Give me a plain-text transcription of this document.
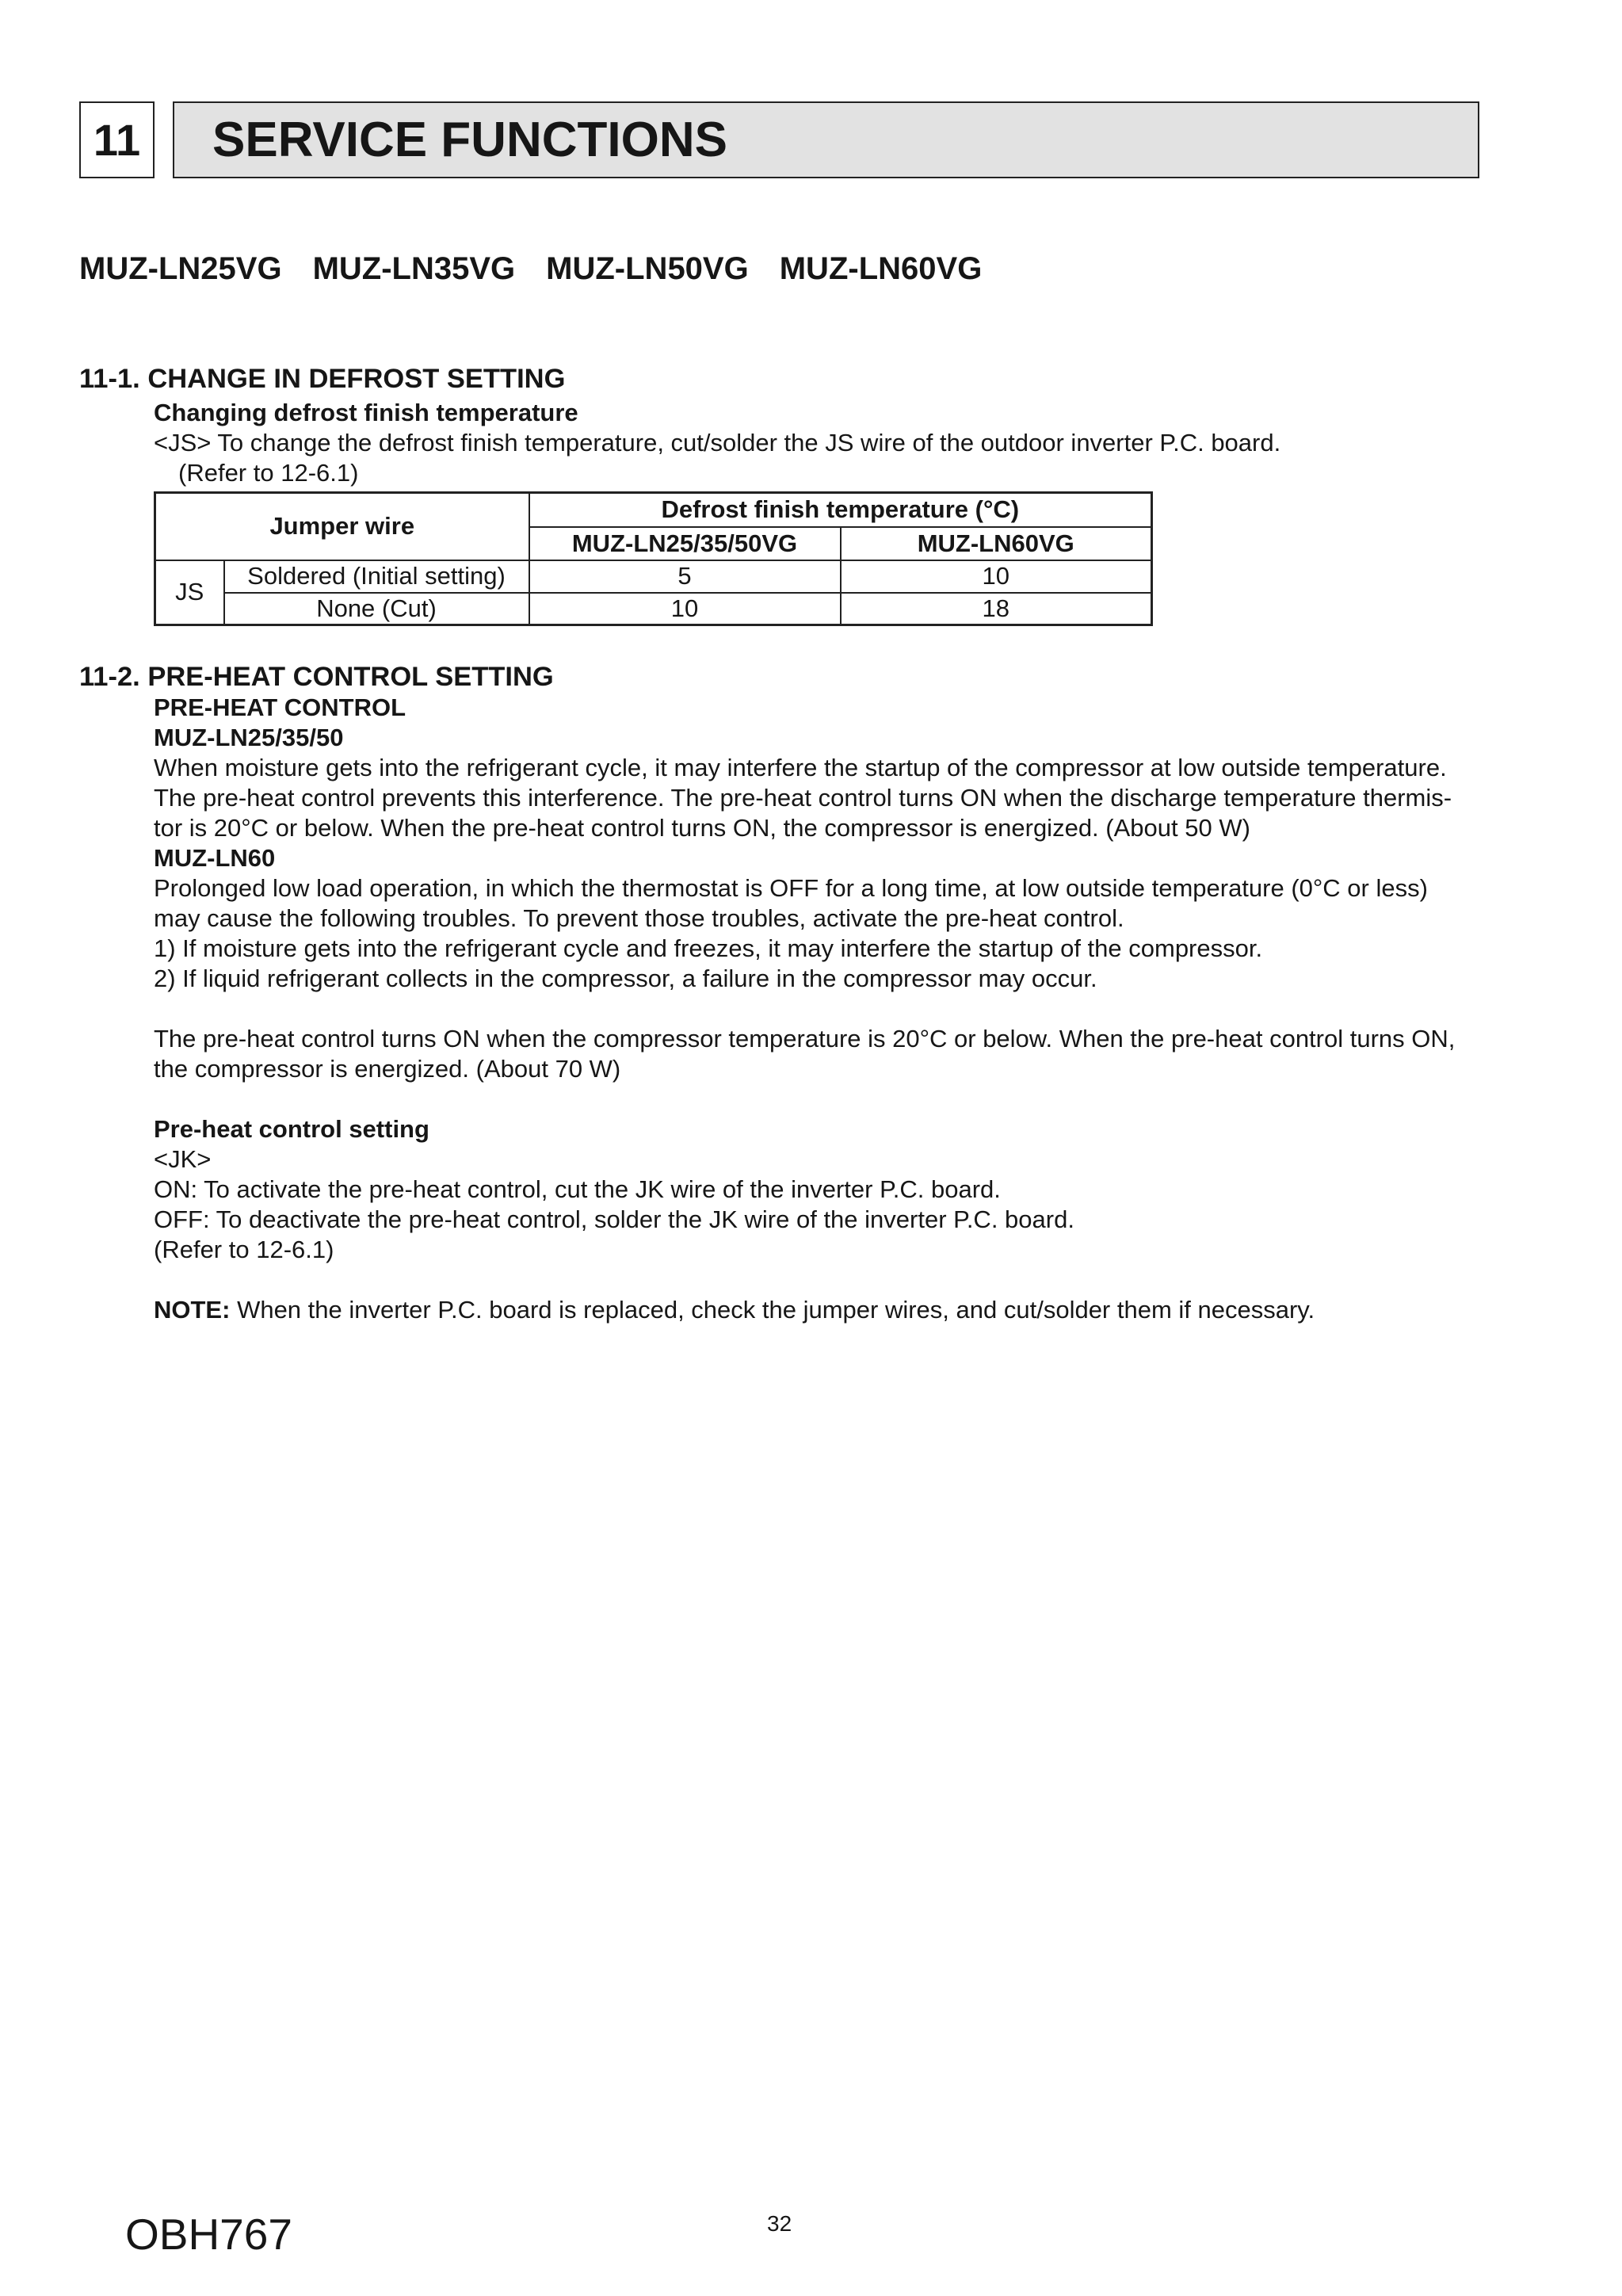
11 SERVICE FUNCTIONS
MUZ-LN25VG MUZ-LN35VG MUZ-LN50VG MUZ-LN60VG
11-1. CHANGE IN DEFROST SETTING
Changing defrost finish temperature
<JS> To change the defrost finish temperature, cut/solder the JS wire of the outdoor inverter P.C. board.
(Refer to 12-6.1)
Jumper wire		Defrost finish temperature (°C)	
		MUZ-LN25/35/50VG	MUZ-LN60VG
JS	Soldered (Initial setting)	5	10
	None (Cut)	10	18
11-2. PRE-HEAT CONTROL SETTING
PRE-HEAT CONTROL
MUZ-LN25/35/50
When moisture gets into the refrigerant cycle, it may interfere the startup of the compressor at low outside temperature.
The pre-heat control prevents this interference. The pre-heat control turns ON when the discharge temperature thermis-
tor is 20°C or below. When the pre-heat control turns ON, the compressor is energized. (About 50 W)
MUZ-LN60
Prolonged low load operation, in which the thermostat is OFF for a long time, at low outside temperature (0°C or less)
may cause the following troubles. To prevent those troubles, activate the pre-heat control.
1) If moisture gets into the refrigerant cycle and freezes, it may interfere the startup of the compressor.
2) If liquid refrigerant collects in the compressor, a failure in the compressor may occur.
The pre-heat control turns ON when the compressor temperature is 20°C or below. When the pre-heat control turns ON,
the compressor is energized. (About 70 W)
Pre-heat control setting
<JK>
ON: To activate the pre-heat control, cut the JK wire of the inverter P.C. board.
OFF: To deactivate the pre-heat control, solder the JK wire of the inverter P.C. board.
(Refer to 12-6.1)
NOTE: When the inverter P.C. board is replaced, check the jumper wires, and cut/solder them if necessary.
OBH767	32
